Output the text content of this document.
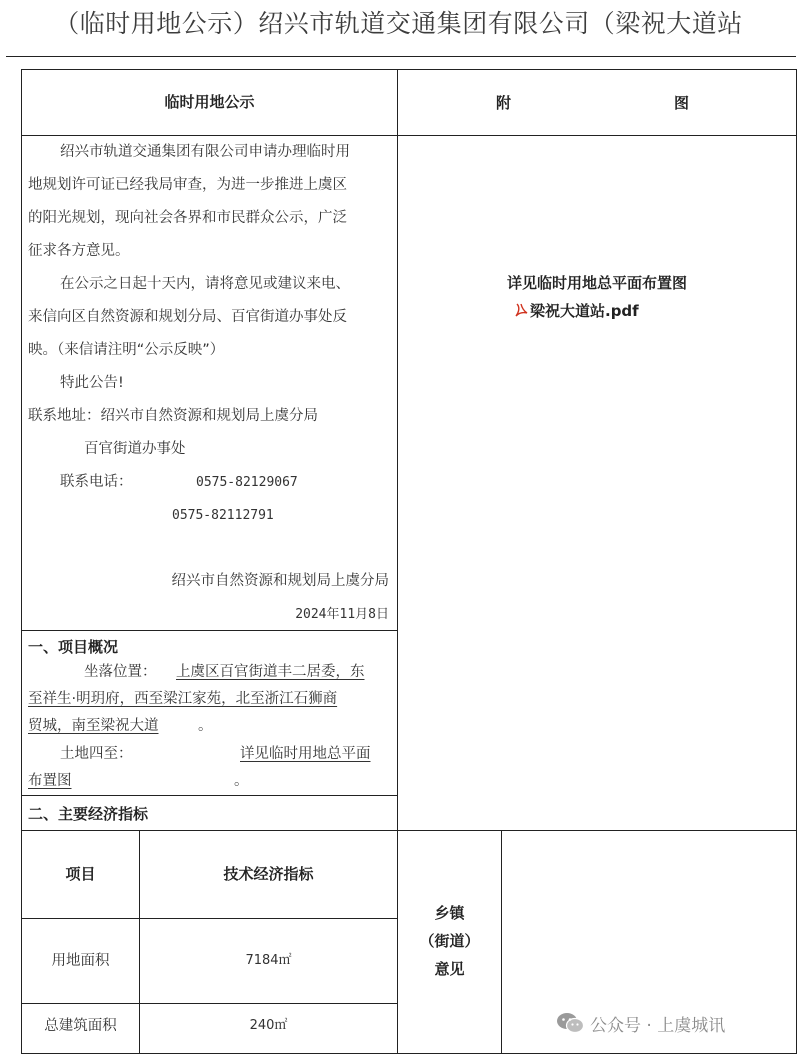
（临时用地公示）绍兴市轨道交通集团有限公司（梁祝大道站
临时用地公示	附	图
绍兴市轨道交通集团有限公司申请办理临时用
地规划许可证已经我局审查，为进一步推进上虞区
的阳光规划，现向社会各界和市民群众公示，广泛
征求各方意见。
在公示之日起十天内，请将意见或建议来电、
来信向区自然资源和规划分局、百官街道办事处反
映。（来信请注明“公示反映”）
特此公告!
联系地址：绍兴市自然资源和规划局上虞分局
百官街道办事处
联系电话：	0575-82129067
0575-82112791
绍兴市自然资源和规划局上虞分局
2024年11月8日
详见临时用地总平面布置图
梁祝大道站.pdf
一、项目概况
坐落位置： 上虞区百官街道丰二居委，东
至祥生·明玥府，西至梁江家苑，北至浙江石狮商
贸城，南至梁祝大道	。
土地四至：	详见临时用地总平面
布置图	。
二、主要经济指标
项目	技术经济指标
用地面积	7184㎡
总建筑面积	240㎡
乡镇
（街道）
意见
公众号 · 上虞城讯
